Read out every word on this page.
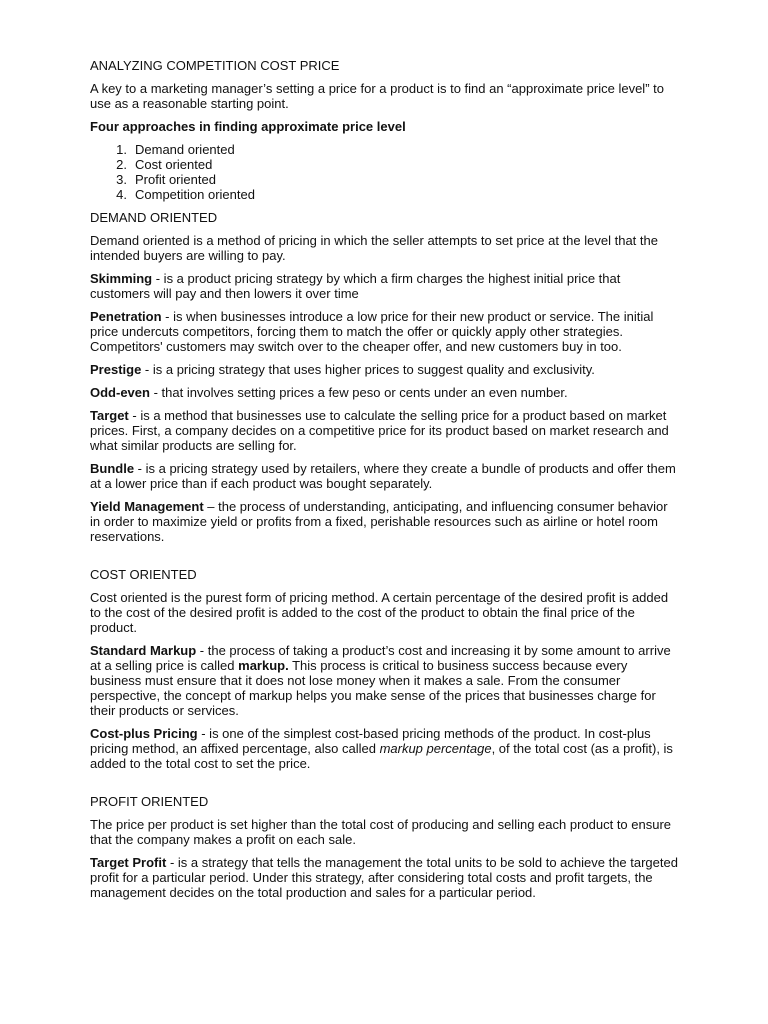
ANALYZING COMPETITION COST PRICE

A key to a marketing manager’s setting a price for a product is to find an “approximate price level” to use as a reasonable starting point.

Four approaches in finding approximate price level

1. Demand oriented
2. Cost oriented
3. Profit oriented
4. Competition oriented

DEMAND ORIENTED

Demand oriented is a method of pricing in which the seller attempts to set price at the level that the intended buyers are willing to pay.

Skimming - is a product pricing strategy by which a firm charges the highest initial price that customers will pay and then lowers it over time

Penetration - is when businesses introduce a low price for their new product or service. The initial price undercuts competitors, forcing them to match the offer or quickly apply other strategies. Competitors' customers may switch over to the cheaper offer, and new customers buy in too.

Prestige - is a pricing strategy that uses higher prices to suggest quality and exclusivity.

Odd-even - that involves setting prices a few peso or cents under an even number.

Target - is a method that businesses use to calculate the selling price for a product based on market prices. First, a company decides on a competitive price for its product based on market research and what similar products are selling for.

Bundle - is a pricing strategy used by retailers, where they create a bundle of products and offer them at a lower price than if each product was bought separately.

Yield Management – the process of understanding, anticipating, and influencing consumer behavior in order to maximize yield or profits from a fixed, perishable resources such as airline or hotel room reservations.

COST ORIENTED

Cost oriented is the purest form of pricing method. A certain percentage of the desired profit is added to the cost of the desired profit is added to the cost of the product to obtain the final price of the product.

Standard Markup - the process of taking a product’s cost and increasing it by some amount to arrive at a selling price is called markup. This process is critical to business success because every business must ensure that it does not lose money when it makes a sale. From the consumer perspective, the concept of markup helps you make sense of the prices that businesses charge for their products or services.

Cost-plus Pricing - is one of the simplest cost-based pricing methods of the product. In cost-plus pricing method, an affixed percentage, also called markup percentage, of the total cost (as a profit), is added to the total cost to set the price.

PROFIT ORIENTED

The price per product is set higher than the total cost of producing and selling each product to ensure that the company makes a profit on each sale.

Target Profit - is a strategy that tells the management the total units to be sold to achieve the targeted profit for a particular period. Under this strategy, after considering total costs and profit targets, the management decides on the total production and sales for a particular period.
